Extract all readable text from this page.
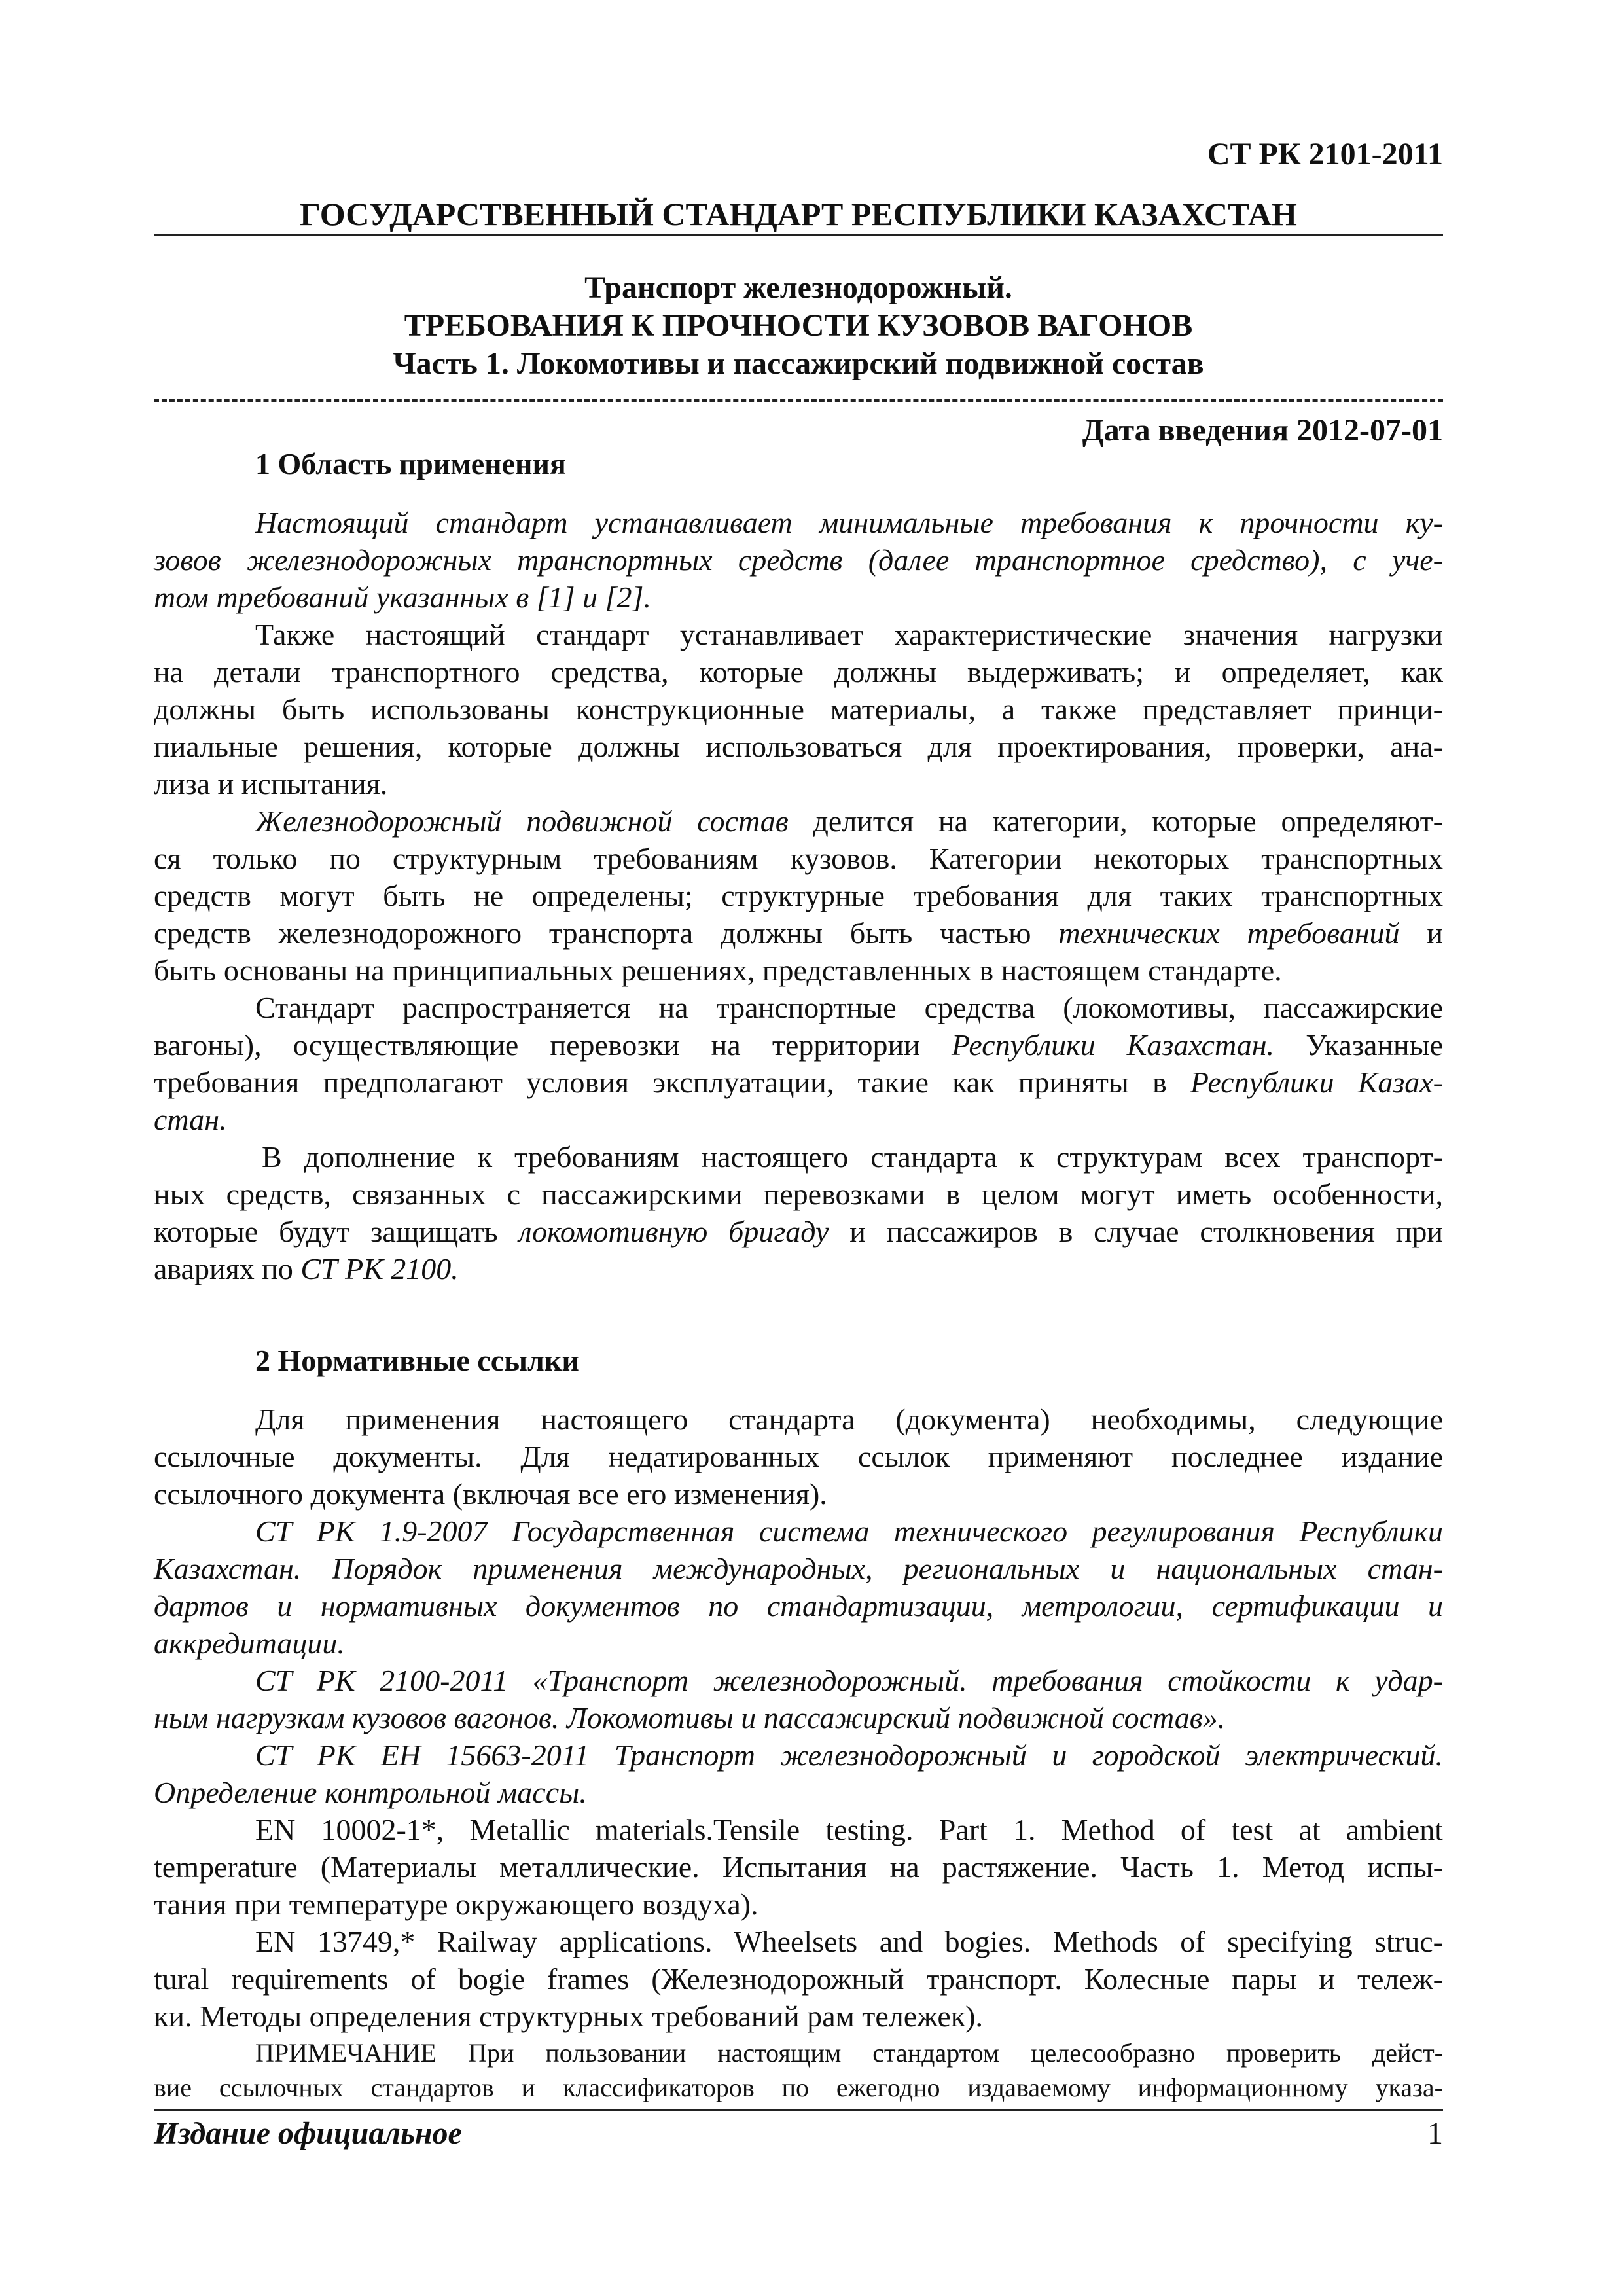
СТ РК 2101-2011
ГОСУДАРСТВЕННЫЙ СТАНДАРТ РЕСПУБЛИКИ КАЗАХСТАН
Транспорт железнодорожный.
ТРЕБОВАНИЯ К ПРОЧНОСТИ КУЗОВОВ ВАГОНОВ
Часть 1. Локомотивы и пассажирский подвижной состав
Дата введения 2012-07-01
1 Область применения
Настоящий стандарт устанавливает минимальные требования к прочности ку-
зовов железнодорожных транспортных средств (далее транспортное средство), с уче-
том требований указанных в [1] и [2].
Также настоящий стандарт устанавливает характеристические значения нагрузки
на детали транспортного средства, которые должны выдерживать; и определяет, как
должны быть использованы конструкционные материалы, а также представляет принци-
пиальные решения, которые должны использоваться для проектирования, проверки, ана-
лиза и испытания.
Железнодорожный подвижной состав делится на категории, которые определяют-
ся только по структурным требованиям кузовов. Категории некоторых транспортных
средств могут быть не определены; структурные требования для таких транспортных
средств железнодорожного транспорта должны быть частью технических требований и
быть основаны на принципиальных решениях, представленных в настоящем стандарте.
Стандарт распространяется на транспортные средства (локомотивы, пассажирские
вагоны), осуществляющие перевозки на территории Республики Казахстан. Указанные
требования предполагают условия эксплуатации, такие как приняты в Республики Казах-
стан.
В дополнение к требованиям настоящего стандарта к структурам всех транспорт-
ных средств, связанных с пассажирскими перевозками в целом могут иметь особенности,
которые будут защищать локомотивную бригаду и пассажиров в случае столкновения при
авариях по СТ РК 2100.
2 Нормативные ссылки
Для применения настоящего стандарта (документа) необходимы, следующие
ссылочные документы. Для недатированных ссылок применяют последнее издание
ссылочного документа (включая все его изменения).
СТ РК 1.9-2007 Государственная система технического регулирования Республики
Казахстан. Порядок применения международных, региональных и национальных стан-
дартов и нормативных документов по стандартизации, метрологии, сертификации и
аккредитации.
СТ РК 2100-2011 «Транспорт железнодорожный. требования стойкости к удар-
ным нагрузкам кузовов вагонов. Локомотивы и пассажирский подвижной состав».
СТ РК ЕН 15663-2011 Транспорт железнодорожный и городской электрический.
Определение контрольной массы.
EN 10002-1*, Metallic materials.Tensile testing. Part 1. Method of test at ambient
temperature (Материалы металлические. Испытания на растяжение. Часть 1. Метод испы-
тания при температуре окружающего воздуха).
EN 13749,* Railway applications. Wheelsets and bogies. Methods of specifying struc-
tural requirements of bogie frames (Железнодорожный транспорт. Колесные пары и тележ-
ки. Методы определения структурных требований рам тележек).
ПРИМЕЧАНИЕ При пользовании настоящим стандартом целесообразно проверить дейст-
вие ссылочных стандартов и классификаторов по ежегодно издаваемому информационному указа-
Издание официальное	1
